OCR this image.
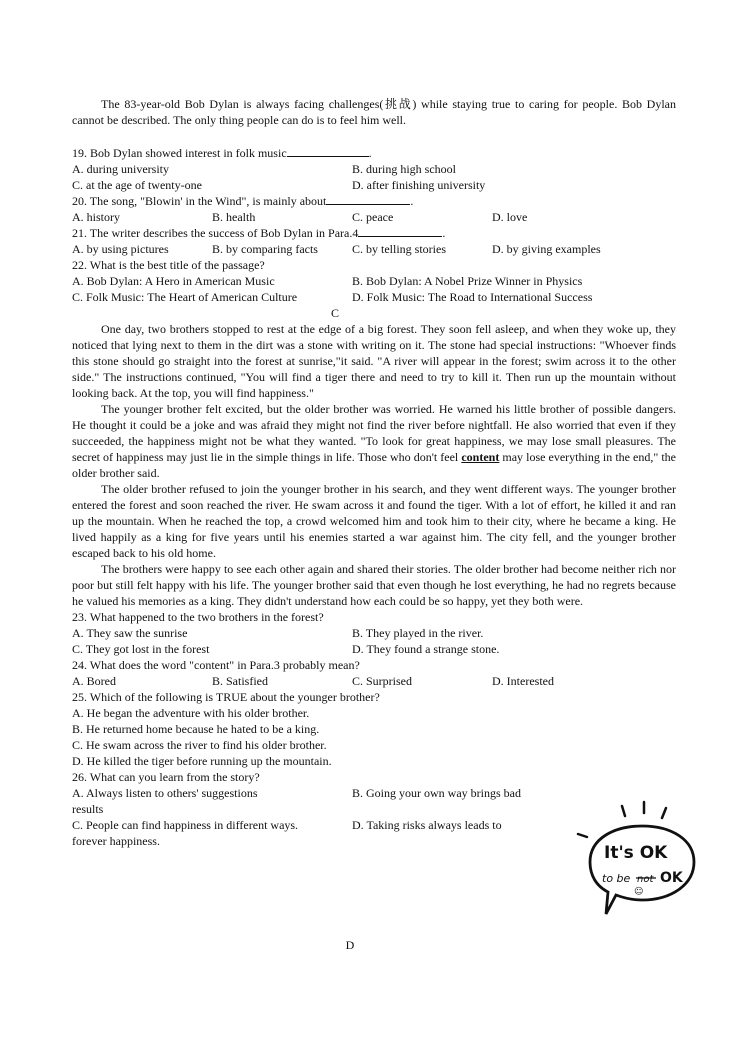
The 83-year-old Bob Dylan is always facing challenges(挑战) while staying true to caring for people. Bob Dylan cannot be described. The only thing people can do is to feel him well.

19. Bob Dylan showed interest in folk music	.

A. during university	B. during high school
C. at the age of twenty-one	D. after finishing university

20. The song, "Blowin' in the Wind", is mainly about	.

A. history	B. health	C. peace	D. love

21. The writer describes the success of Bob Dylan in Para.4	.

A. by using pictures	B. by comparing facts	C. by telling stories	D. by giving examples

22. What is the best title of the passage?

A. Bob Dylan: A Hero in American Music	B. Bob Dylan: A Nobel Prize Winner in Physics
C. Folk Music: The Heart of American Culture	D. Folk Music: The Road to International Success

C

One day, two brothers stopped to rest at the edge of a big forest. They soon fell asleep, and when they woke up, they noticed that lying next to them in the dirt was a stone with writing on it. The stone had special instructions: "Whoever finds this stone should go straight into the forest at sunrise,"it said. "A river will appear in the forest; swim across it to the other side." The instructions continued, "You will find a tiger there and need to try to kill it. Then run up the mountain without looking back. At the top, you will find happiness."

The younger brother felt excited, but the older brother was worried. He warned his little brother of possible dangers. He thought it could be a joke and was afraid they might not find the river before nightfall. He also worried that even if they succeeded, the happiness might not be what they wanted. "To look for great happiness, we may lose small pleasures. The secret of happiness may just lie in the simple things in life. Those who don't feel content may lose everything in the end," the older brother said.

The older brother refused to join the younger brother in his search, and they went different ways. The younger brother entered the forest and soon reached the river. He swam across it and found the tiger. With a lot of effort, he killed it and ran up the mountain. When he reached the top, a crowd welcomed him and took him to their city, where he became a king. He lived happily as a king for five years until his enemies started a war against him. The city fell, and the younger brother escaped back to his old home.

The brothers were happy to see each other again and shared their stories. The older brother had become neither rich nor poor but still felt happy with his life. The younger brother said that even though he lost everything, he had no regrets because he valued his memories as a king. They didn't understand how each could be so happy, yet they both were.

23. What happened to the two brothers in the forest?

A. They saw the sunrise	B. They played in the river.
C. They got lost in the forest	D. They found a strange stone.

24. What does the word "content" in Para.3 probably mean?

A. Bored	B. Satisfied	C. Surprised	D. Interested

25. Which of the following is TRUE about the younger brother?

A. He began the adventure with his older brother.

B. He returned home because he hated to be a king.

C. He swam across the river to find his older brother.

D. He killed the tiger before running up the mountain.

26. What can you learn from the story?

A. Always listen to others' suggestions	B. Going your own way brings bad

results

C. People can find happiness in different ways.	D. Taking risks always leads to

forever happiness.

D
It's OK
to be not OK
☺
